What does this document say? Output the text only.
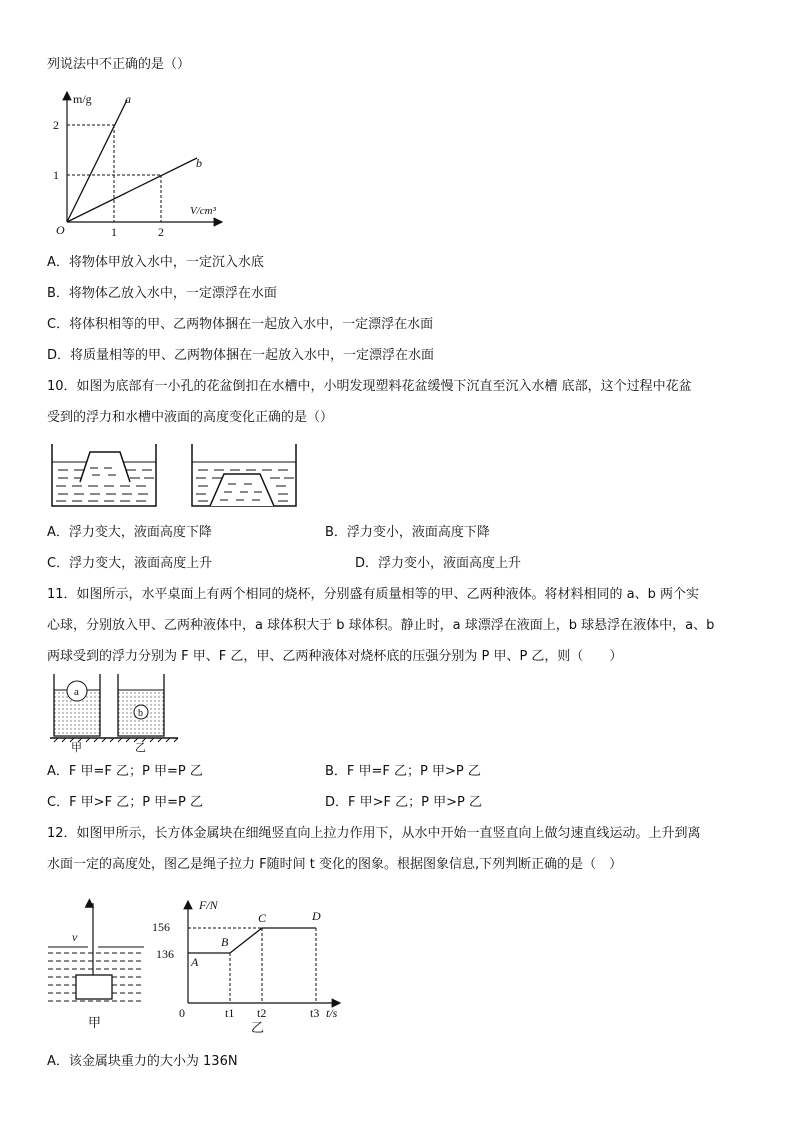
列说法中不正确的是（）
m/g
V/cm³
a
b
2
1
O	1	2
A．将物体甲放入水中，一定沉入水底
B．将物体乙放入水中，一定漂浮在水面
C．将体积相等的甲、乙两物体捆在一起放入水中，一定漂浮在水面
D．将质量相等的甲、乙两物体捆在一起放入水中，一定漂浮在水面
10．如图为底部有一小孔的花盆倒扣在水槽中，小明发现塑料花盆缓慢下沉直至沉入水槽 底部，这个过程中花盆
受到的浮力和水槽中液面的高度变化正确的是（）
A．浮力变大，液面高度下降	B．浮力变小，液面高度下降
C．浮力变大，液面高度上升	D．浮力变小，液面高度上升
11．如图所示，水平桌面上有两个相同的烧杯，分别盛有质量相等的甲、乙两种液体。将材料相同的 a、b 两个实
心球，分别放入甲、乙两种液体中，a 球体积大于 b 球体积。静止时，a 球漂浮在液面上，b 球悬浮在液体中，a、b
两球受到的浮力分别为 F 甲、F 乙，甲、乙两种液体对烧杯底的压强分别为 P 甲、P 乙，则（　　）
a
b
甲	乙
A．F 甲=F 乙；P 甲=P 乙	B．F 甲=F 乙；P 甲>P 乙
C．F 甲>F 乙；P 甲=P 乙	D．F 甲>F 乙；P 甲>P 乙
12．如图甲所示，长方体金属块在细绳竖直向上拉力作用下，从水中开始一直竖直向上做匀速直线运动。上升到离
水面一定的高度处，图乙是绳子拉力 F随时间 t 变化的图象。根据图象信息,下列判断正确的是（　）
v
甲
F/N
156
136
A
B
C	D
0	t1 t2	t3 t/s
乙
A．该金属块重力的大小为 136N
